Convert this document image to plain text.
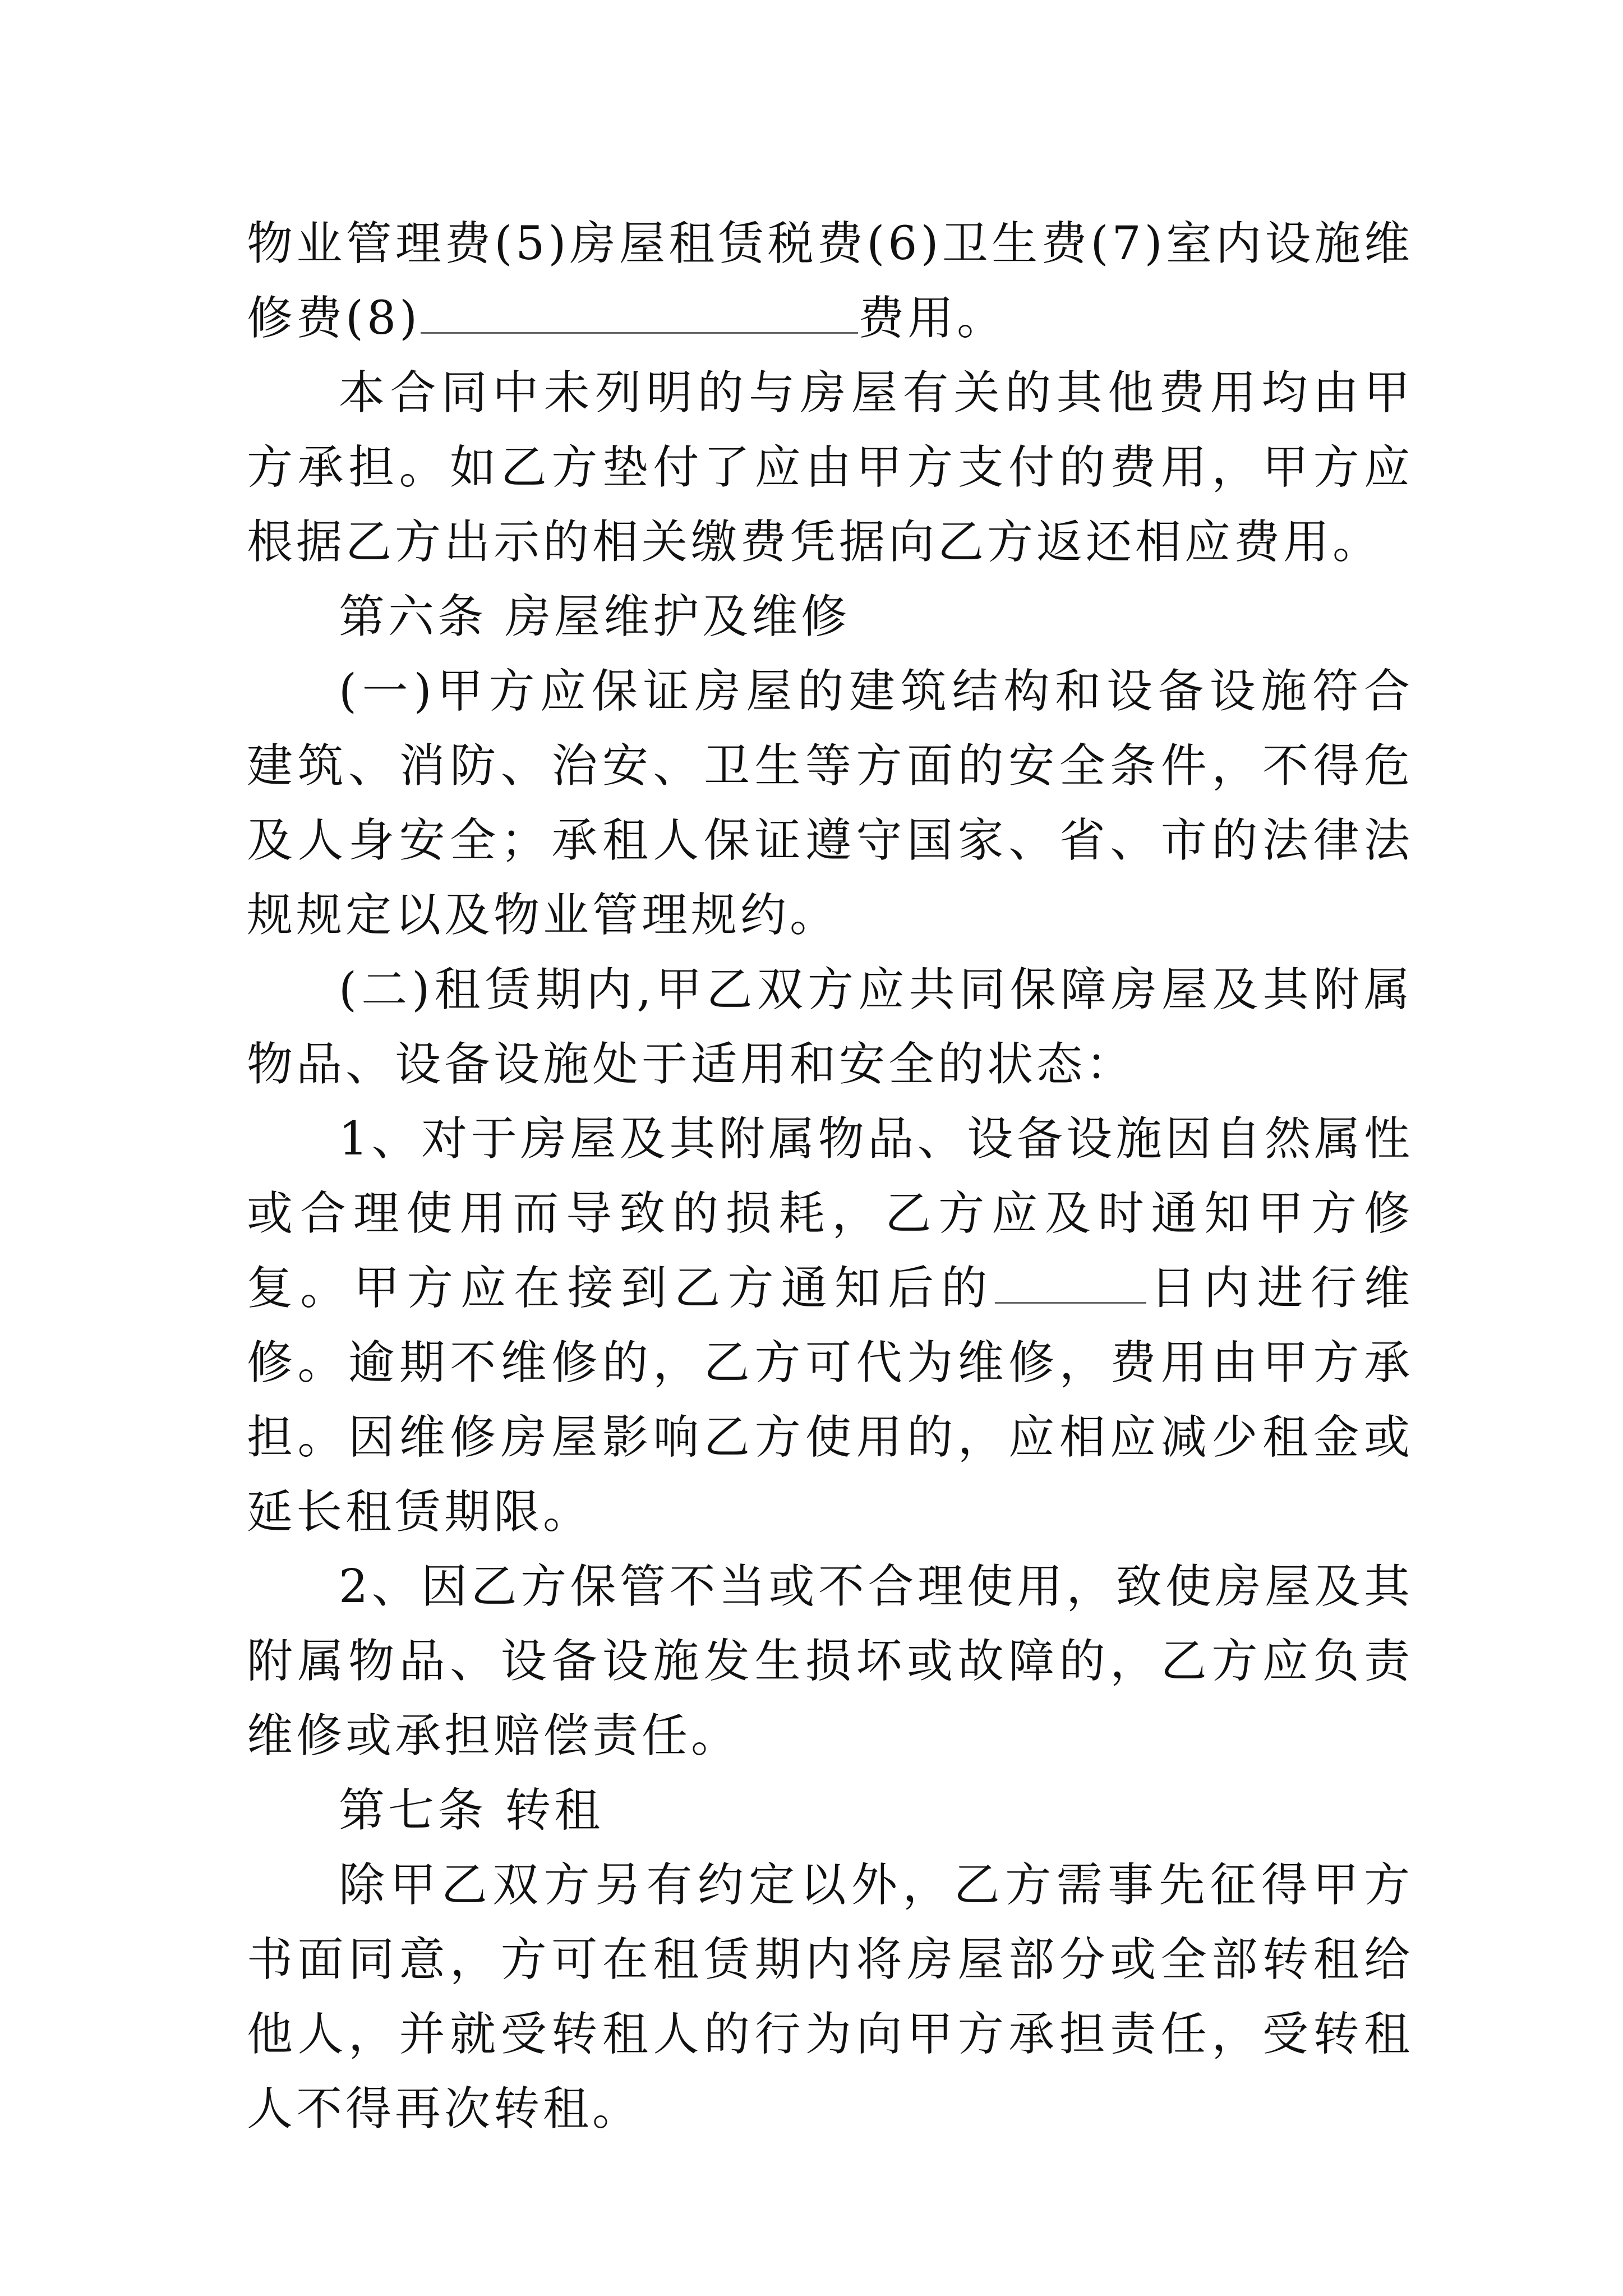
物业管理费(5)房屋租赁税费(6)卫生费(7)室内设施维修费(8)	费用。

本合同中未列明的与房屋有关的其他费用均由甲方承担。如乙方垫付了应由甲方支付的费用，甲方应根据乙方出示的相关缴费凭据向乙方返还相应费用。

第六条 房屋维护及维修

(一)甲方应保证房屋的建筑结构和设备设施符合建筑、消防、治安、卫生等方面的安全条件，不得危及人身安全；承租人保证遵守国家、省、市的法律法规规定以及物业管理规约。

(二)租赁期内,甲乙双方应共同保障房屋及其附属物品、设备设施处于适用和安全的状态：

1、对于房屋及其附属物品、设备设施因自然属性或合理使用而导致的损耗，乙方应及时通知甲方修复。甲方应在接到乙方通知后的	日内进行维修。逾期不维修的，乙方可代为维修，费用由甲方承担。因维修房屋影响乙方使用的，应相应减少租金或延长租赁期限。

2、因乙方保管不当或不合理使用，致使房屋及其附属物品、设备设施发生损坏或故障的，乙方应负责维修或承担赔偿责任。

第七条 转租

除甲乙双方另有约定以外，乙方需事先征得甲方书面同意，方可在租赁期内将房屋部分或全部转租给他人，并就受转租人的行为向甲方承担责任，受转租人不得再次转租。
